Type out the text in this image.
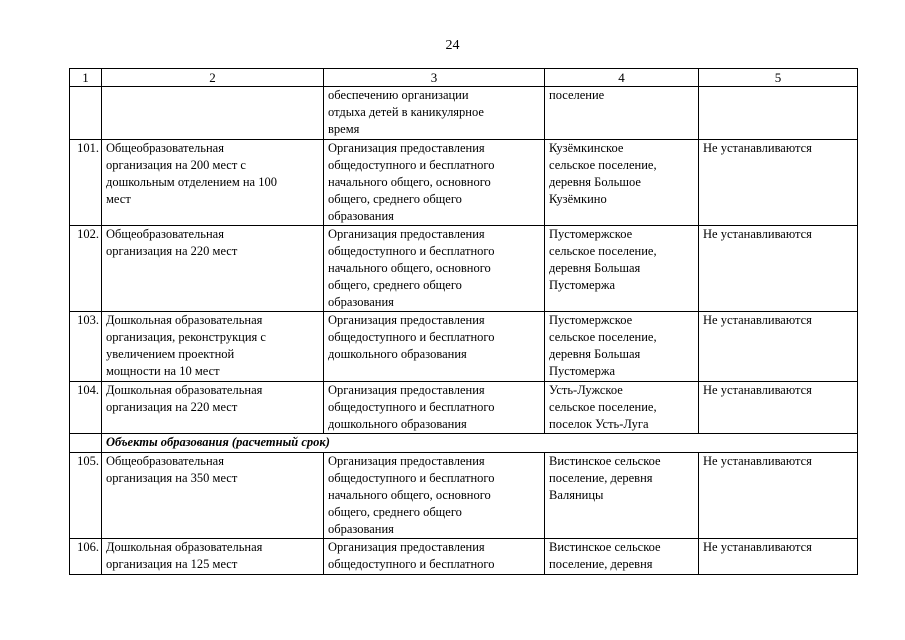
24
1	2	3	4	5

		обеспечению организации
отдыха детей в каникулярное
время	поселение	

101.	Общеобразовательная
организация на 200 мест с
дошкольным отделением на 100
мест	Организация предоставления
общедоступного и бесплатного
начального общего, основного
общего, среднего общего
образования	Кузёмкинское
сельское поселение,
деревня Большое
Кузёмкино	Не устанавливаются

102.	Общеобразовательная
организация на 220 мест	Организация предоставления
общедоступного и бесплатного
начального общего, основного
общего, среднего общего
образования	Пустомержское
сельское поселение,
деревня Большая
Пустомержа	Не устанавливаются

103.	Дошкольная образовательная
организация, реконструкция с
увеличением проектной
мощности на 10 мест	Организация предоставления
общедоступного и бесплатного
дошкольного образования	Пустомержское
сельское поселение,
деревня Большая
Пустомержа	Не устанавливаются

104.	Дошкольная образовательная
организация на 220 мест	Организация предоставления
общедоступного и бесплатного
дошкольного образования	Усть-Лужское
сельское поселение,
поселок Усть-Луга	Не устанавливаются

	Объекты образования (расчетный срок)			
105.	Общеобразовательная
организация на 350 мест	Организация предоставления
общедоступного и бесплатного
начального общего, основного
общего, среднего общего
образования	Вистинское сельское
поселение, деревня
Валяницы	Не устанавливаются

106.	Дошкольная образовательная
организация на 125 мест	Организация предоставления
общедоступного и бесплатного	Вистинское сельское
поселение, деревня	Не устанавливаются
